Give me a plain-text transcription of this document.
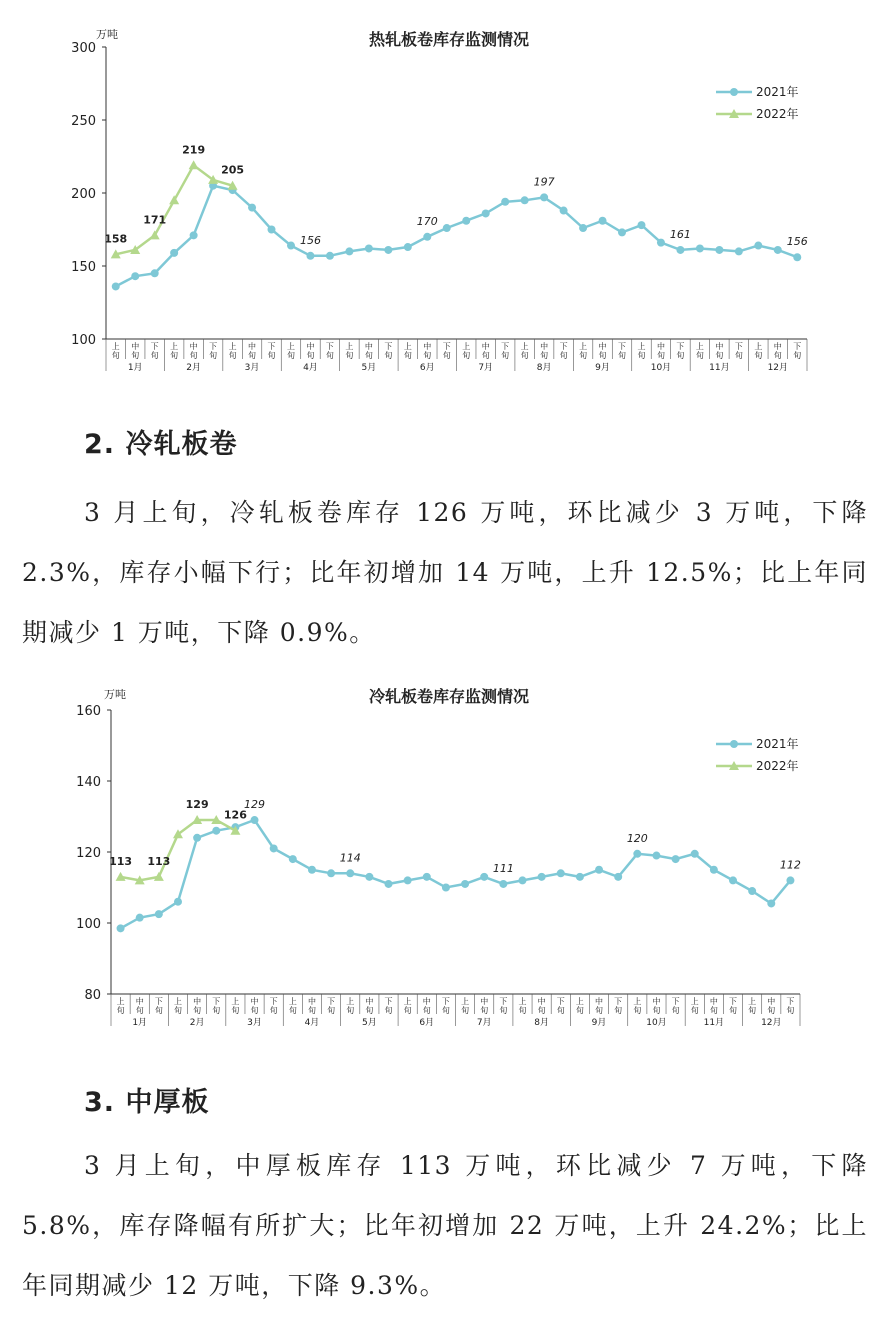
热轧板卷库存监测情况
万吨
100
150
200
250
300
上
旬
中
旬
下
旬
上
旬
中
旬
下
旬
上
旬
中
旬
下
旬
上
旬
中
旬
下
旬
上
旬
中
旬
下
旬
上
旬
中
旬
下
旬
上
旬
中
旬
下
旬
上
旬
中
旬
下
旬
上
旬
中
旬
下
旬
上
旬
中
旬
下
旬
上
旬
中
旬
下
旬
上
旬
中
旬
下
旬
1月	2月	3月	4月	5月	6月	7月	8月	9月	10月	11月	12月
158
171
219
205
156
170
197
161
156
2021年
2022年
2. 冷轧板卷
3 月上旬，冷轧板卷库存 126 万吨，环比减少 3 万吨，下降 2.3%，库存小幅下行；比年初增加 14 万吨，上升 12.5%；比上年同期减少 1 万吨，下降 0.9%。
冷轧板卷库存监测情况
万吨
80
100
120
140
160
上
旬
中
旬
下
旬
上
旬
中
旬
下
旬
上
旬
中
旬
下
旬
上
旬
中
旬
下
旬
上
旬
中
旬
下
旬
上
旬
中
旬
下
旬
上
旬
中
旬
下
旬
上
旬
中
旬
下
旬
上
旬
中
旬
下
旬
上
旬
中
旬
下
旬
上
旬
中
旬
下
旬
上
旬
中
旬
下
旬
1月	2月	3月	4月	5月	6月	7月	8月	9月	10月	11月	12月
113 113
129
126
129
114
111
120
112
2021年
2022年
3. 中厚板
3 月上旬，中厚板库存 113 万吨，环比减少 7 万吨，下降 5.8%，库存降幅有所扩大；比年初增加 22 万吨，上升 24.2%；比上年同期减少 12 万吨，下降 9.3%。
